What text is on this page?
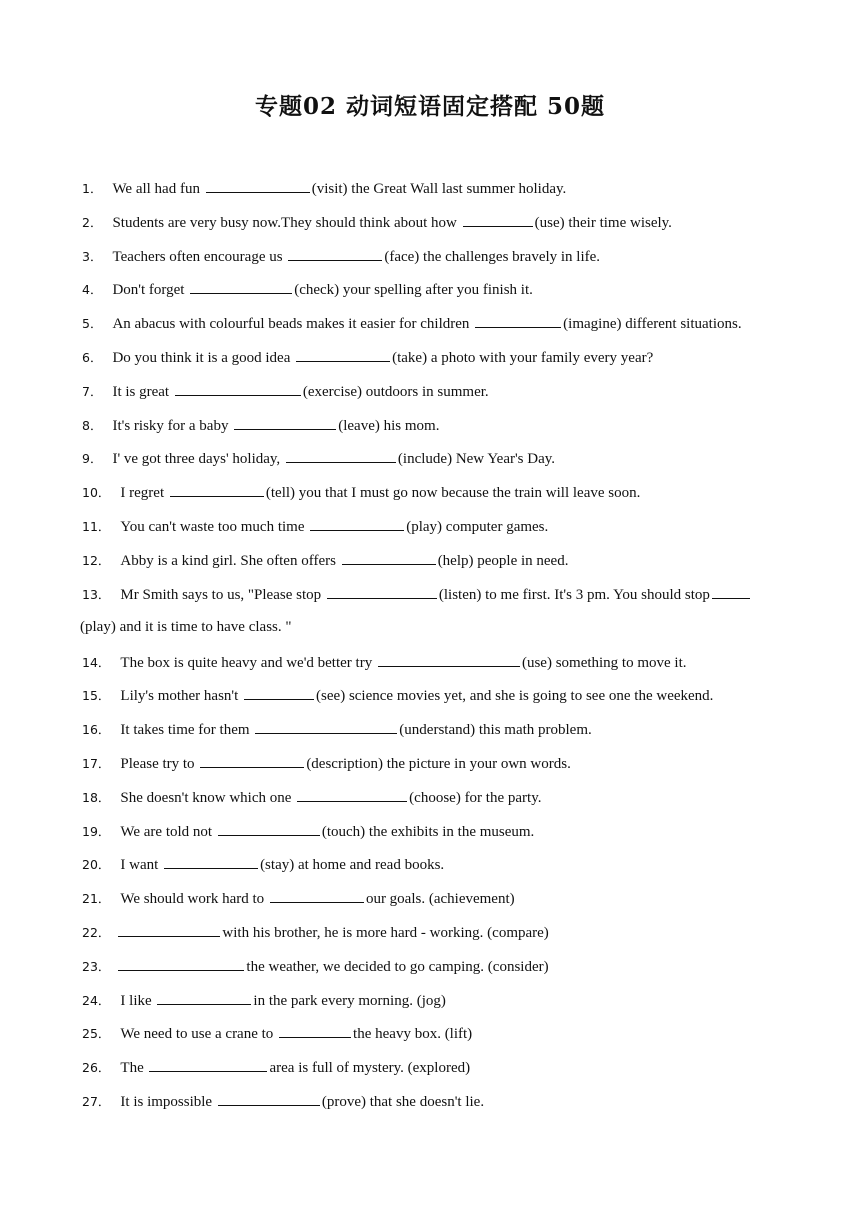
专题02 动词短语固定搭配 50题
1． We all had fun	(visit) the Great Wall last summer holiday.
2． Students are very busy now.They should think about how	(use) their time wisely.
3． Teachers often encourage us	(face) the challenges bravely in life.
4． Don't forget	(check) your spelling after you finish it.
5． An abacus with colourful beads makes it easier for children	(imagine) different situations.
6． Do you think it is a good idea	(take) a photo with your family every year?
7． It is great	(exercise) outdoors in summer.
8． It's risky for a baby	(leave) his mom.
9． I' ve got three days' holiday,	(include) New Year's Day.
10． I regret	(tell) you that I must go now because the train will leave soon.
11． You can't waste too much time	(play) computer games.
12． Abby is a kind girl. She often offers	(help) people in need.
13． Mr Smith says to us, "Please stop	(listen) to me first. It's 3 pm. You should stop
(play) and it is time to have class. "
14． The box is quite heavy and we'd better try	(use) something to move it.
15． Lily's mother hasn't	(see) science movies yet, and she is going to see one the weekend.
16． It takes time for them	(understand) this math problem.
17． Please try to	(description) the picture in your own words.
18． She doesn't know which one	(choose) for the party.
19． We are told not	(touch) the exhibits in the museum.
20． I want	(stay) at home and read books.
21． We should work hard to	our goals. (achievement)
22．	with his brother, he is more hard - working. (compare)
23．	the weather, we decided to go camping. (consider)
24． I like	in the park every morning. (jog)
25． We need to use a crane to	the heavy box. (lift)
26． The	area is full of mystery. (explored)
27． It is impossible	(prove) that she doesn't lie.
